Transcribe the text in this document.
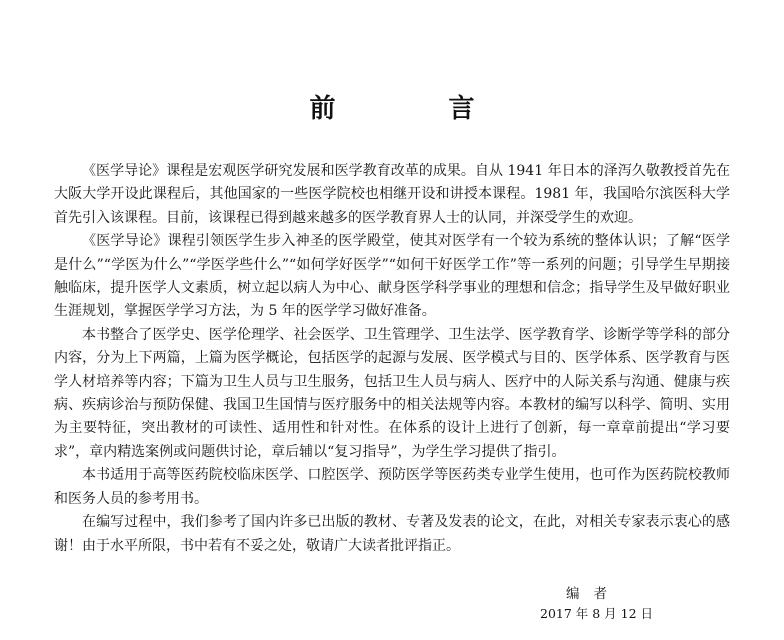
前 言

《医学导论》课程是宏观医学研究发展和医学教育改革的成果。自从 1941 年日本的泽泻久敬教授首先在大阪大学开设此课程后，其他国家的一些医学院校也相继开设和讲授本课程。1981 年，我国哈尔滨医科大学首先引入该课程。目前，该课程已得到越来越多的医学教育界人士的认同，并深受学生的欢迎。

《医学导论》课程引领医学生步入神圣的医学殿堂，使其对医学有一个较为系统的整体认识；了解“医学是什么”“学医为什么”“学医学些什么”“如何学好医学”“如何干好医学工作”等一系列的问题；引导学生早期接触临床，提升医学人文素质，树立起以病人为中心、献身医学科学事业的理想和信念；指导学生及早做好职业生涯规划，掌握医学学习方法，为 5 年的医学学习做好准备。

本书整合了医学史、医学伦理学、社会医学、卫生管理学、卫生法学、医学教育学、诊断学等学科的部分内容，分为上下两篇，上篇为医学概论，包括医学的起源与发展、医学模式与目的、医学体系、医学教育与医学人材培养等内容；下篇为卫生人员与卫生服务，包括卫生人员与病人、医疗中的人际关系与沟通、健康与疾病、疾病诊治与预防保健、我国卫生国情与医疗服务中的相关法规等内容。本教材的编写以科学、简明、实用为主要特征，突出教材的可读性、适用性和针对性。在体系的设计上进行了创新，每一章章前提出“学习要求”，章内精选案例或问题供讨论，章后辅以“复习指导”，为学生学习提供了指引。

本书适用于高等医药院校临床医学、口腔医学、预防医学等医药类专业学生使用，也可作为医药院校教师和医务人员的参考用书。

在编写过程中，我们参考了国内许多已出版的教材、专著及发表的论文，在此，对相关专家表示衷心的感谢！由于水平所限，书中若有不妥之处，敬请广大读者批评指正。

编者
2017 年 8 月 12 日
